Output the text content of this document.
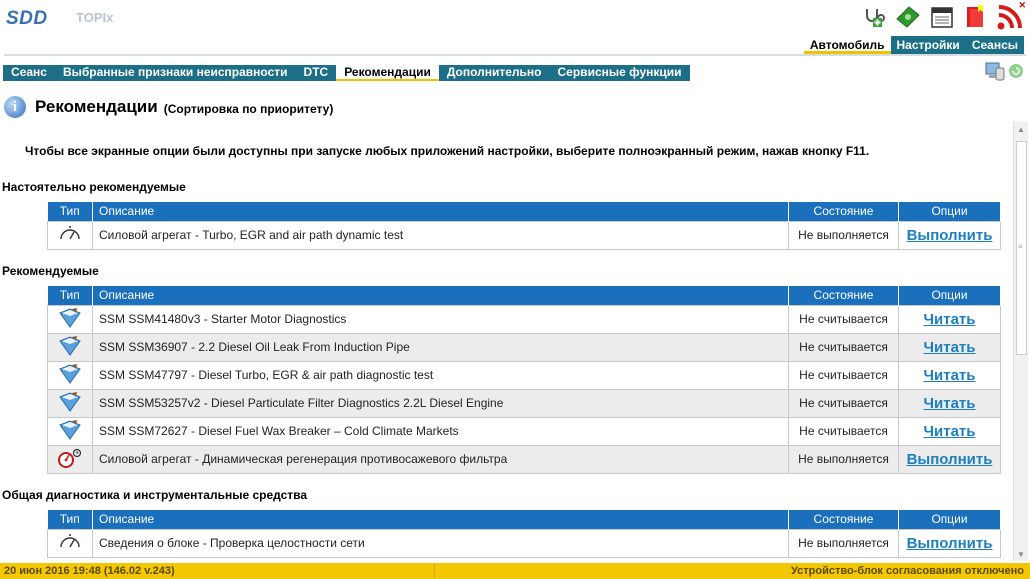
SDD TOPIx
✕
Автомобиль	Настройки	Сеансы
Сеанс	Выбранные признаки неисправности	DTC	Рекомендации	Дополнительно	Сервисные функции
i	Рекомендации (Сортировка по приоритету)
Чтобы все экранные опции были доступны при запуске любых приложений настройки, выберите полноэкранный режим, нажав кнопку F11.
Настоятельно рекомендуемые
Тип	Описание	Состояние	Опции
	Силовой агрегат - Turbo, EGR and air path dynamic test	Не выполняется	Выполнить
Рекомендуемые
Тип	Описание	Состояние	Опции
	SSM SSM41480v3 - Starter Motor Diagnostics	Не считывается	Читать
	SSM SSM36907 - 2.2 Diesel Oil Leak From Induction Pipe	Не считывается	Читать
	SSM SSM47797 - Diesel Turbo, EGR & air path diagnostic test	Не считывается	Читать
	SSM SSM53257v2 - Diesel Particulate Filter Diagnostics 2.2L Diesel Engine	Не считывается	Читать
	SSM SSM72627 - Diesel Fuel Wax Breaker – Cold Climate Markets	Не считывается	Читать
	Силовой агрегат - Динамическая регенерация противосажевого фильтра	Не выполняется	Выполнить
Общая диагностика и инструментальные средства
Тип	Описание	Состояние	Опции
	Сведения о блоке - Проверка целостности сети	Не выполняется	Выполнить
▲
≡
▼
20 июн 2016 19:48 (146.02 v.243)	Устройство-блок согласования отключено
